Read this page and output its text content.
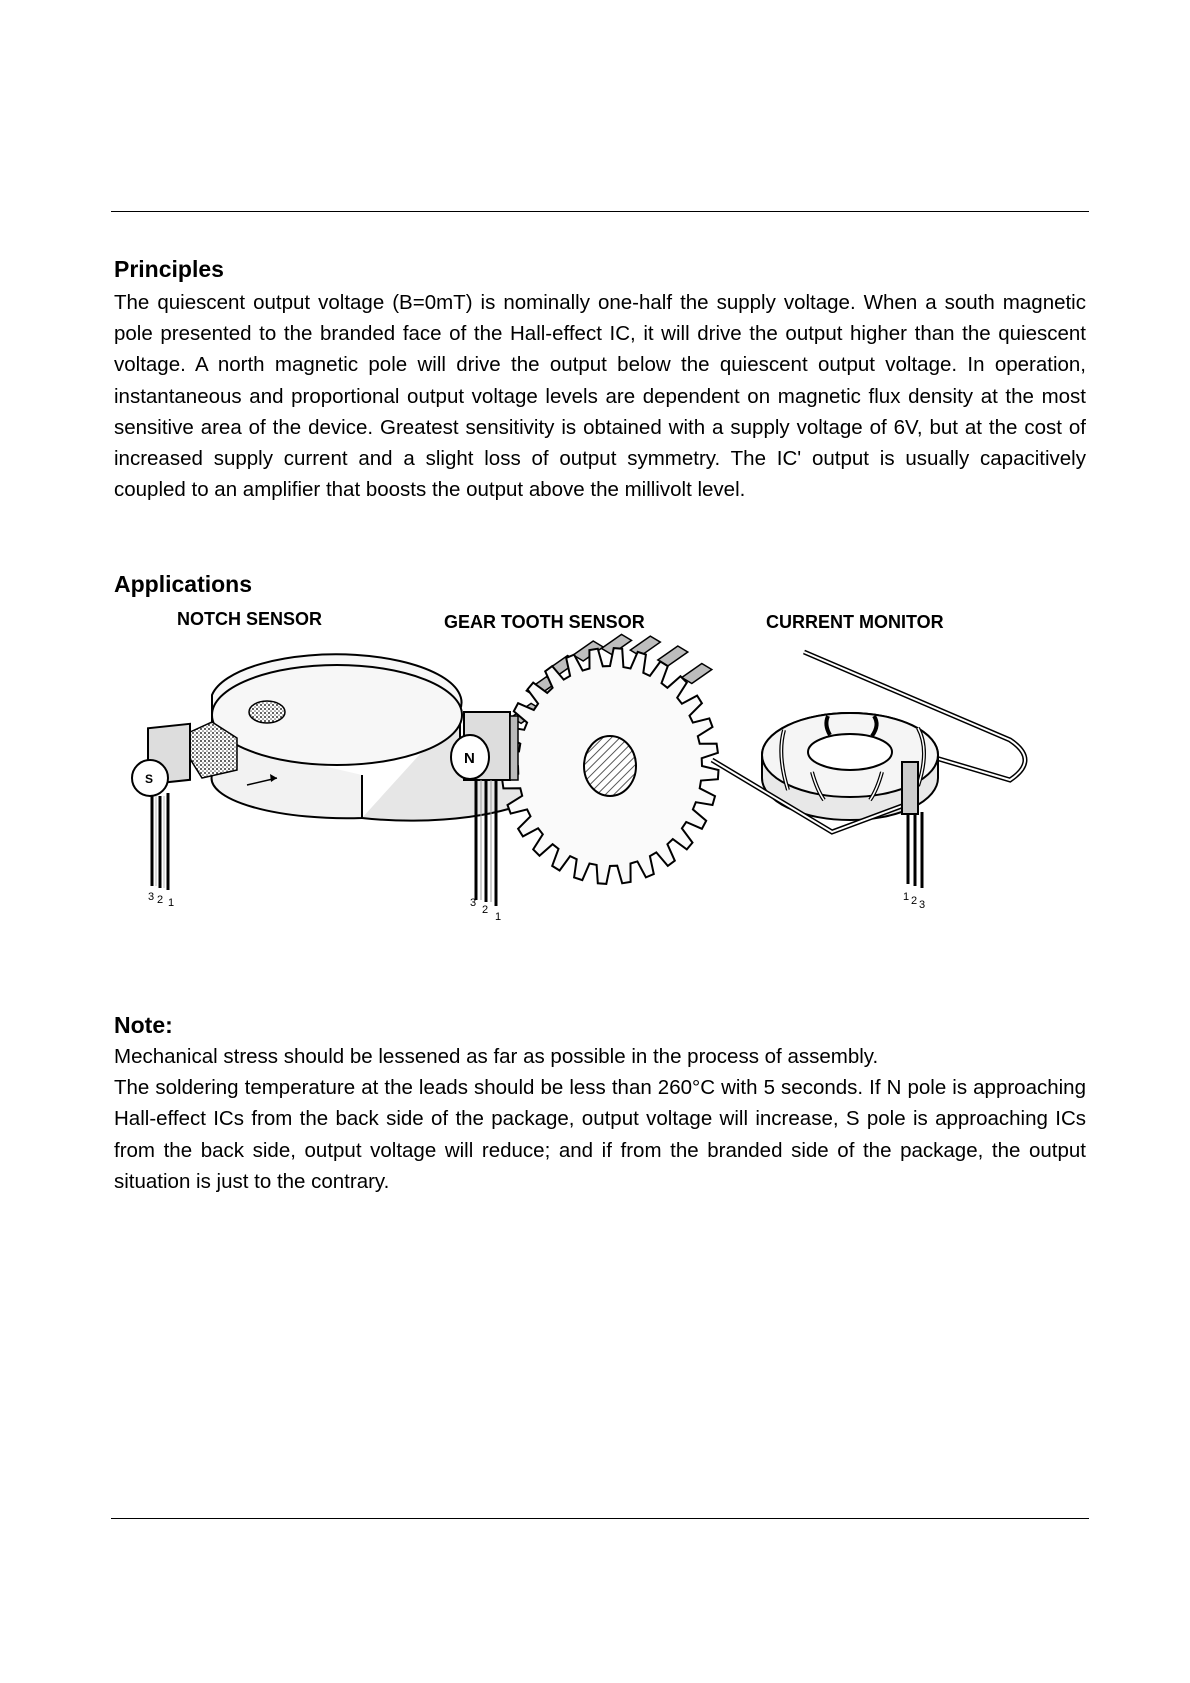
Principles

The quiescent output voltage (B=0mT) is nominally one-half the supply voltage. When a south magnetic pole presented to the branded face of the Hall-effect IC, it will drive the output higher than the quiescent voltage. A north magnetic pole will drive the output below the quiescent output voltage. In operation, instantaneous and proportional output voltage levels are dependent on magnetic flux density at the most sensitive area of the device. Greatest sensitivity is obtained with a supply voltage of 6V, but at the cost of increased supply current and a slight loss of output symmetry. The IC' output is usually capacitively coupled to an amplifier that boosts the output above the millivolt level.

Applications
NOTCH SENSOR
S
3 2 1
GEAR TOOTH SENSOR
N
3
2
1
CURRENT MONITOR
1 2 3
Note:

Mechanical stress should be lessened as far as possible in the process of assembly.

The soldering temperature at the leads should be less than 260°C with 5 seconds. If N pole is approaching Hall-effect ICs from the back side of the package, output voltage will increase, S pole is approaching ICs from the back side, output voltage will reduce; and if from the branded side of the package, the output situation is just to the contrary.
